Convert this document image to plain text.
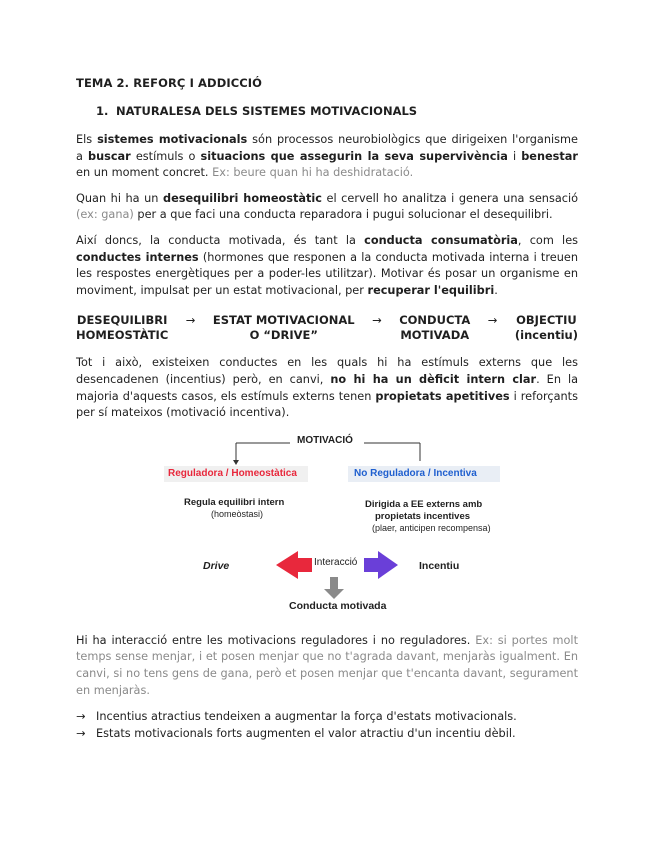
TEMA 2. REFORÇ I ADDICCIÓ
1. NATURALESA DELS SISTEMES MOTIVACIONALS

Els sistemes motivacionals són processos neurobiològics que dirigeixen l'organisme a buscar estímuls o situacions que assegurin la seva supervivència i benestar en un moment concret. Ex: beure quan hi ha deshidratació.

Quan hi ha un desequilibri homeostàtic el cervell ho analitza i genera una sensació (ex: gana) per a que faci una conducta reparadora i pugui solucionar el desequilibri.

Així doncs, la conducta motivada, és tant la conducta consumatòria, com les conductes internes (hormones que responen a la conducta motivada interna i treuen les respostes energètiques per a poder-les utilitzar). Motivar és posar un organisme en moviment, impulsat per un estat motivacional, per recuperar l'equilibri.

DESEQUILIBRI
HOMEOSTÀTIC
→ ESTAT MOTIVACIONAL
O “DRIVE”
→ CONDUCTA
MOTIVADA
→ OBJECTIU
(incentiu)

Tot i això, existeixen conductes en les quals hi ha estímuls externs que les desencadenen (incentius) però, en canvi, no hi ha un dèficit intern clar. En la majoria d'aquests casos, els estímuls externs tenen propietats apetitives i reforçants per sí mateixos (motivació incentiva).

MOTIVACIÓ
Reguladora / Homeostàtica	No Reguladora / Incentiva
Regula equilibri intern
(homeòstasi)
Dirigida a EE externs amb
propietats incentives
(plaer, anticipen recompensa)
Drive	Interacció	Incentiu
Conducta motivada

Hi ha interacció entre les motivacions reguladores i no reguladores. Ex: si portes molt temps sense menjar, i et posen menjar que no t'agrada davant, menjaràs igualment. En canvi, si no tens gens de gana, però et posen menjar que t'encanta davant, segurament en menjaràs.

→ Incentius atractius tendeixen a augmentar la força d'estats motivacionals.
→ Estats motivacionals forts augmenten el valor atractiu d'un incentiu dèbil.
